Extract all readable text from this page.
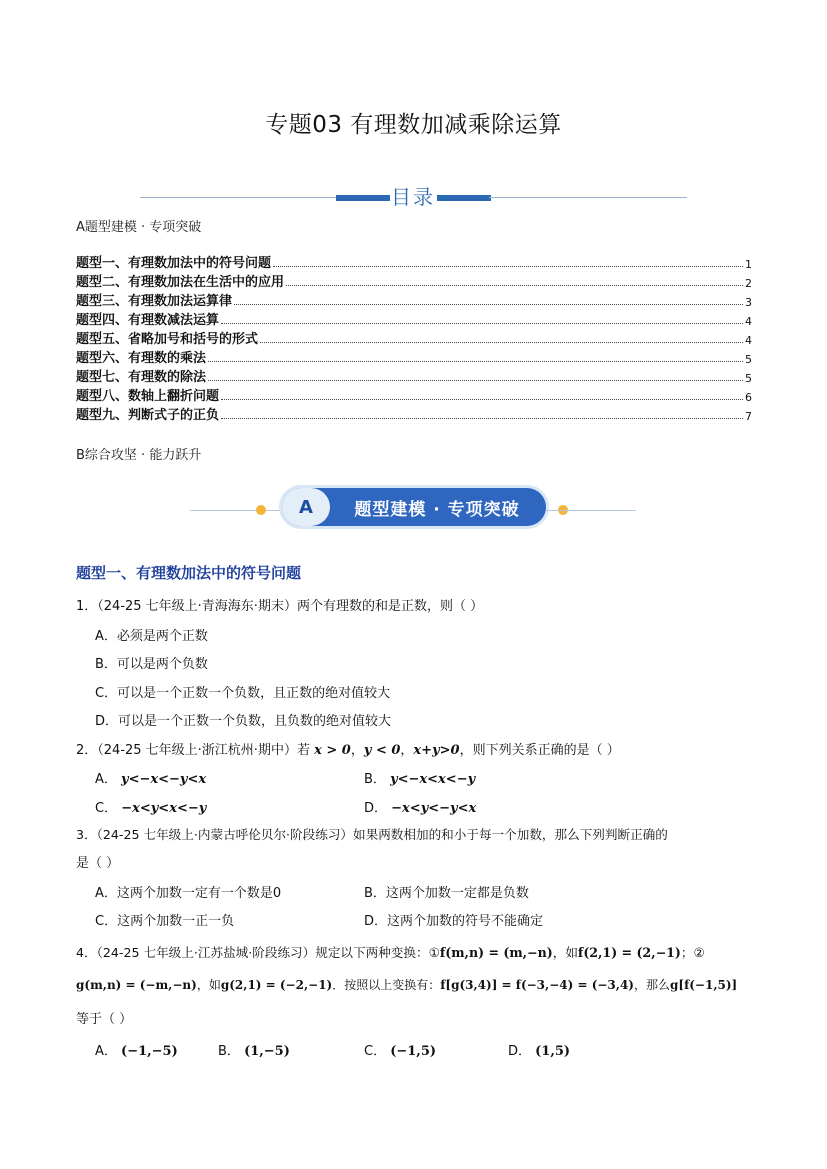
专题03 有理数加减乘除运算
目录
A题型建模 · 专项突破
题型一、有理数加法中的符号问题	1
题型二、有理数加法在生活中的应用	2
题型三、有理数加法运算律	3
题型四、有理数减法运算	4
题型五、省略加号和括号的形式	4
题型六、有理数的乘法	5
题型七、有理数的除法	5
题型八、数轴上翻折问题	6
题型九、判断式子的正负	7
B综合攻坚 · 能力跃升
A	题型建模 · 专项突破
题型一、有理数加法中的符号问题
1．（24-25 七年级上·青海海东·期末）两个有理数的和是正数，则（ ）
A．必须是两个正数
B．可以是两个负数
C．可以是一个正数一个负数，且正数的绝对值较大
D．可以是一个正数一个负数，且负数的绝对值较大
2．（24-25 七年级上·浙江杭州·期中）若 x > 0，y < 0，x+y>0，则下列关系正确的是（ ）
A． y<−x<−y<x	B． y<−x<x<−y
C． −x<y<x<−y	D． −x<y<−y<x
3．（24-25 七年级上·内蒙古呼伦贝尔·阶段练习）如果两数相加的和小于每一个加数，那么下列判断正确的
是（ ）
A．这两个加数一定有一个数是0	B．这两个加数一定都是负数
C．这两个加数一正一负	D．这两个加数的符号不能确定
4．（24-25 七年级上·江苏盐城·阶段练习）规定以下两种变换：①f(m,n) = (m,−n)，如f(2,1) = (2,−1)；②
g(m,n) = (−m,−n)，如g(2,1) = (−2,−1)．按照以上变换有：f[g(3,4)] = f(−3,−4) = (−3,4)，那么g[f(−1,5)]
等于（ ）
A． (−1,−5)	B． (1,−5)	C． (−1,5)	D． (1,5)
